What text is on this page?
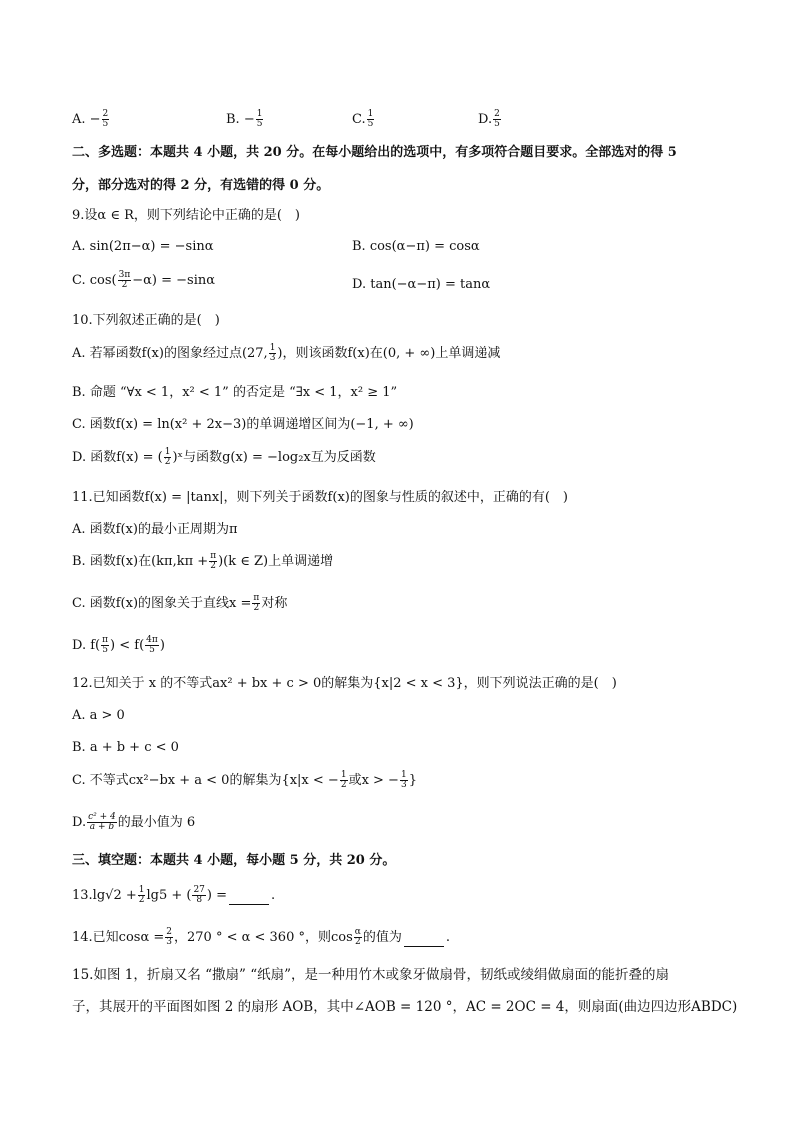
A. − $\frac{2}{5}$	B. − $\frac{1}{5}$	C. $\frac{1}{5}$	D. $\frac{2}{5}$
二、多选题：本题共 4 小题，共 20 分。在每小题给出的选项中，有多项符合题目要求。全部选对的得 5
分，部分选对的得 2 分，有选错的得 0 分。
9.设α ∈ R，则下列结论中正确的是(　)
A. sin(2π−α) = −sinα	B. cos(α−π) = cosα
C. $\cos( \frac{3\pi}{2} -\alpha) = -\sin\alpha$	D. tan(−α−π) = tanα
10.下列叙述正确的是(　)
A. 若幂函数f(x)的图象经过点(27, $\frac{1}{3}$ )，则该函数f(x)在(0, + ∞)上单调递减
B. 命题 “∀x < 1，x² < 1” 的否定是 “∃x < 1，x² ≥ 1”
C. 函数f(x) = ln(x² + 2x−3)的单调递增区间为(−1, + ∞)
D. 函数f(x) = ( $\frac{1}{2}$ )ˣ与函数g(x) = −log₂x互为反函数
11.已知函数f(x) = |tanx|，则下列关于函数f(x)的图象与性质的叙述中，正确的有(　)
A. 函数f(x)的最小正周期为π
B. 函数f(x)在$(k\pi,k\pi + \frac{\pi}{2} )(k$ ∈ Z)上单调递增
C. 函数f(x)的图象关于直线$x = \frac{\pi}{2}$ 对称
D. $f( \frac{\pi}{5}$ ) < $f( \frac{4\pi}{5}$ )
12.已知关于 x 的不等式ax² + bx + c > 0的解集为{x|2 < x < 3}，则下列说法正确的是(　)
A. a > 0
B. a + b + c < 0
C. 不等式cx²−bx + a < 0的解集为{x|x < − $\frac{1}{2}$ 或x > − $\frac{1}{3}$ }
D. $\frac{\text{c² + 4}}{a + b}$ 的最小值为 6
三、填空题：本题共 4 小题，每小题 5 分，共 20 分。
$13.\lg√2 + \frac{1}{2} \lg 5$ + ( $\frac{27}{8}$ ) =	.
14.已知$\cos\alpha = \frac{2}{3}$ ，270 ° < α < 360 °，则$\cos \frac{\alpha}{2}$ 的值为	.
15.如图 1，折扇又名 “撒扇” “纸扇”，是一种用竹木或象牙做扇骨，韧纸或绫绢做扇面的能折叠的扇
子，其展开的平面图如图 2 的扇形 AOB，其中∠AOB = 120 °，AC = 2OC = 4，则扇面(曲边四边形ABDC)
